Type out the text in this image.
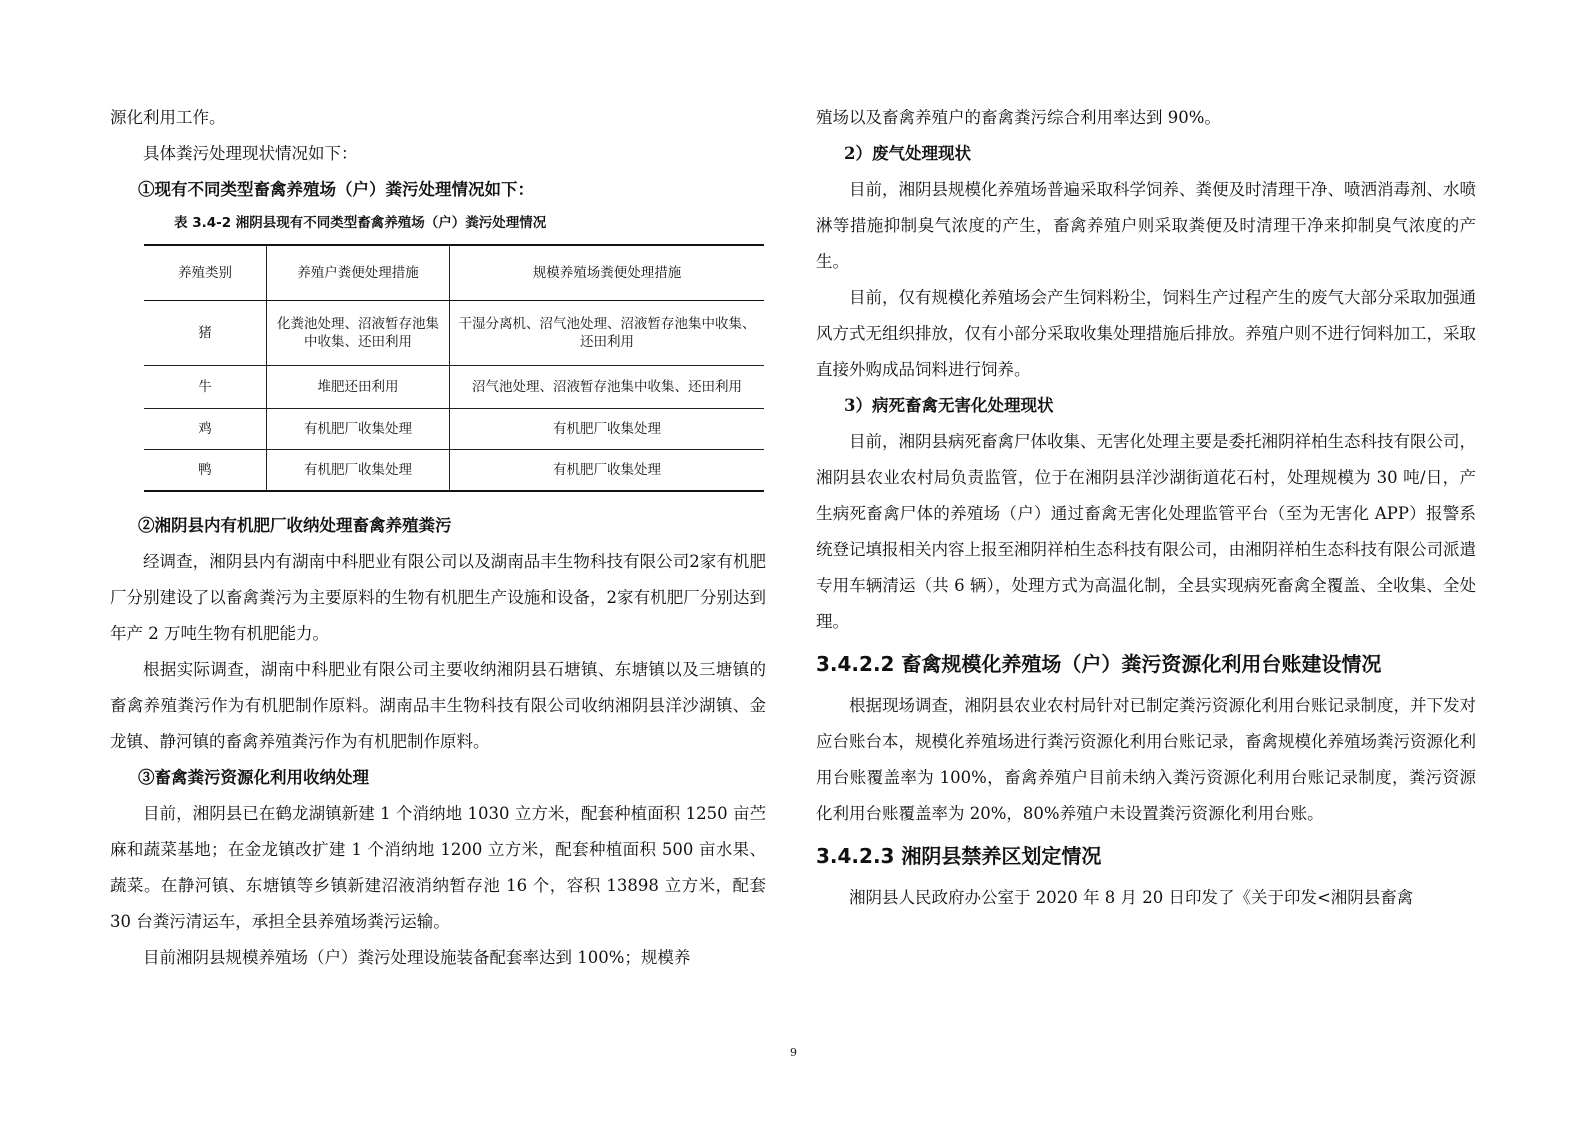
源化利用工作。

具体粪污处理现状情况如下：

①现有不同类型畜禽养殖场（户）粪污处理情况如下：

表 3.4-2 湘阴县现有不同类型畜禽养殖场（户）粪污处理情况

养殖类别	养殖户粪便处理措施	规模养殖场粪便处理措施

猪	化粪池处理、沼液暂存池集中收集、还田利用	干湿分离机、沼气池处理、沼液暂存池集中收集、还田利用
牛	堆肥还田利用	沼气池处理、沼液暂存池集中收集、还田利用
鸡	有机肥厂收集处理	有机肥厂收集处理
鸭	有机肥厂收集处理	有机肥厂收集处理

②湘阴县内有机肥厂收纳处理畜禽养殖粪污

经调查，湘阴县内有湖南中科肥业有限公司以及湖南品丰生物科技有限公司2家有机肥厂分别建设了以畜禽粪污为主要原料的生物有机肥生产设施和设备，2家有机肥厂分别达到年产 2 万吨生物有机肥能力。

根据实际调查，湖南中科肥业有限公司主要收纳湘阴县石塘镇、东塘镇以及三塘镇的畜禽养殖粪污作为有机肥制作原料。湖南品丰生物科技有限公司收纳湘阴县洋沙湖镇、金龙镇、静河镇的畜禽养殖粪污作为有机肥制作原料。

③畜禽粪污资源化利用收纳处理

目前，湘阴县已在鹤龙湖镇新建 1 个消纳地 1030 立方米，配套种植面积 1250 亩苎麻和蔬菜基地；在金龙镇改扩建 1 个消纳地 1200 立方米，配套种植面积 500 亩水果、蔬菜。在静河镇、东塘镇等乡镇新建沼液消纳暂存池 16 个，容积 13898 立方米，配套 30 台粪污清运车，承担全县养殖场粪污运输。

目前湘阴县规模养殖场（户）粪污处理设施装备配套率达到 100%；规模养

殖场以及畜禽养殖户的畜禽粪污综合利用率达到 90%。

2）废气处理现状

目前，湘阴县规模化养殖场普遍采取科学饲养、粪便及时清理干净、喷洒消毒剂、水喷淋等措施抑制臭气浓度的产生，畜禽养殖户则采取粪便及时清理干净来抑制臭气浓度的产生。

目前，仅有规模化养殖场会产生饲料粉尘，饲料生产过程产生的废气大部分采取加强通风方式无组织排放，仅有小部分采取收集处理措施后排放。养殖户则不进行饲料加工，采取直接外购成品饲料进行饲养。

3）病死畜禽无害化处理现状

目前，湘阴县病死畜禽尸体收集、无害化处理主要是委托湘阴祥柏生态科技有限公司，湘阴县农业农村局负责监管，位于在湘阴县洋沙湖街道花石村，处理规模为 30 吨/日，产生病死畜禽尸体的养殖场（户）通过畜禽无害化处理监管平台（至为无害化 APP）报警系统登记填报相关内容上报至湘阴祥柏生态科技有限公司，由湘阴祥柏生态科技有限公司派遣专用车辆清运（共 6 辆），处理方式为高温化制，全县实现病死畜禽全覆盖、全收集、全处理。

3.4.2.2 畜禽规模化养殖场（户）粪污资源化利用台账建设情况

根据现场调查，湘阴县农业农村局针对已制定粪污资源化利用台账记录制度，并下发对应台账台本，规模化养殖场进行粪污资源化利用台账记录，畜禽规模化养殖场粪污资源化利用台账覆盖率为 100%，畜禽养殖户目前未纳入粪污资源化利用台账记录制度，粪污资源化利用台账覆盖率为 20%，80%养殖户未设置粪污资源化利用台账。

3.4.2.3 湘阴县禁养区划定情况

湘阴县人民政府办公室于 2020 年 8 月 20 日印发了《关于印发<湘阴县畜禽

9
